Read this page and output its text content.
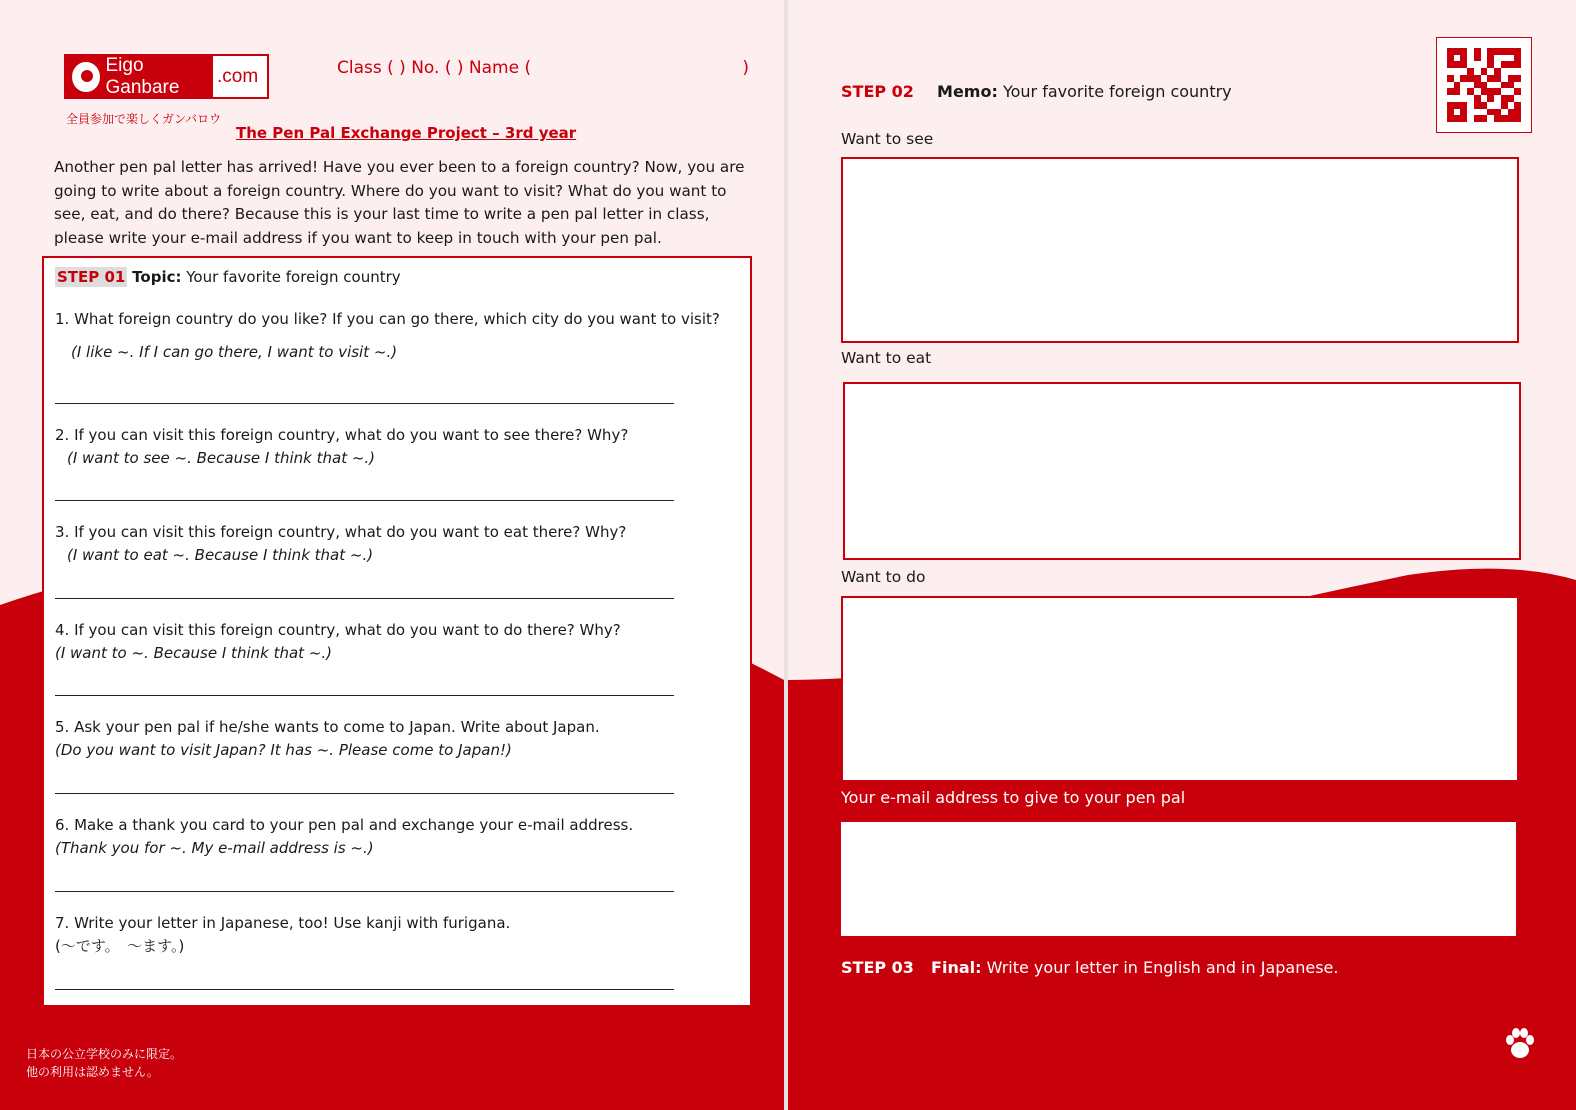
Eigo Ganbare
.com
全員参加で楽しくガンバロウ
Class ( ) No. ( ) Name (	)
The Pen Pal Exchange Project – 3rd year
Another pen pal letter has arrived! Have you ever been to a foreign country? Now, you are going to write about a foreign country. Where do you want to visit? What do you want to see, eat, and do there? Because this is your last time to write a pen pal letter in class, please write your e-mail address if you want to keep in touch with your pen pal.
STEP 01 Topic: Your favorite foreign country
1. What foreign country do you like? If you can go there, which city do you want to visit?
(I like ~. If I can go there, I want to visit ~.)
2. If you can visit this foreign country, what do you want to see there? Why?
(I want to see ~. Because I think that ~.)
3. If you can visit this foreign country, what do you want to eat there? Why?
(I want to eat ~. Because I think that ~.)
4. If you can visit this foreign country, what do you want to do there? Why?
(I want to ~. Because I think that ~.)
5. Ask your pen pal if he/she wants to come to Japan. Write about Japan.
(Do you want to visit Japan? It has ~. Please come to Japan!)
6. Make a thank you card to your pen pal and exchange your e-mail address.
(Thank you for ~. My e-mail address is ~.)
7. Write your letter in Japanese, too! Use kanji with furigana.
(～です。　～ます。)
日本の公立学校のみに限定。
他の利用は認めません。
STEP 02 Memo: Your favorite foreign country
Want to see
Want to eat
Want to do
Your e-mail address to give to your pen pal
STEP 03 Final: Write your letter in English and in Japanese.
